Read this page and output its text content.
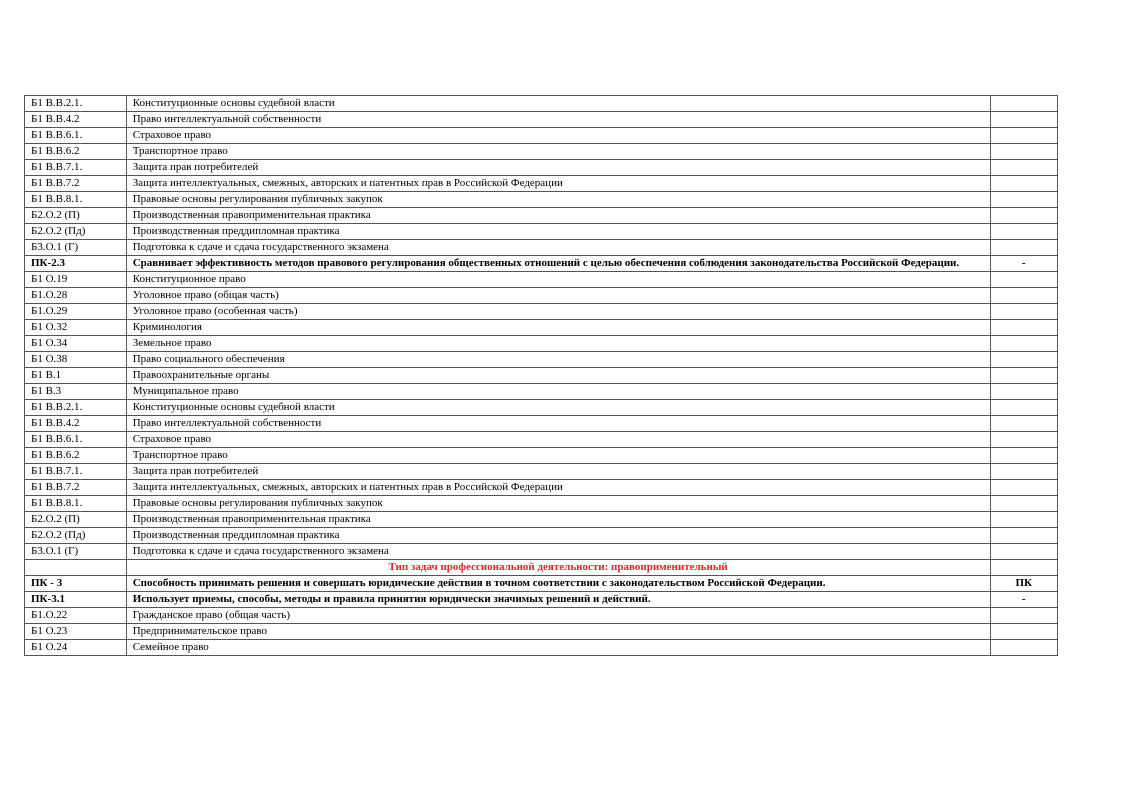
Б1 В.В.2.1.	Конституционные основы судебной власти	
Б1 В.В.4.2	Право интеллектуальной собственности	
Б1 В.В.6.1.	Страховое право	
Б1 В.В.6.2	Транспортное право	
Б1 В.В.7.1.	Защита прав потребителей	
Б1 В.В.7.2	Защита интеллектуальных, смежных, авторских и патентных прав в Российской Федерации	
Б1 В.В.8.1.	Правовые основы регулирования публичных закупок	
Б2.О.2 (П)	Производственная правоприменительная практика	
Б2.О.2 (Пд)	Производственная преддипломная практика	
Б3.О.1 (Г)	Подготовка к сдаче и сдача государственного экзамена	
ПК-2.3	Сравнивает эффективность методов правового регулирования общественных отношений с целью обеспечения соблюдения законодательства Российской Федерации.	-
Б1 О.19	Конституционное право	
Б1.О.28	Уголовное право (общая часть)	
Б1.О.29	Уголовное право (особенная часть)	
Б1 О.32	Криминология	
Б1 О.34	Земельное право	
Б1 О.38	Право социального обеспечения	
Б1 В.1	Правоохранительные органы	
Б1 В.3	Муниципальное право	
Б1 В.В.2.1.	Конституционные основы судебной власти	
Б1 В.В.4.2	Право интеллектуальной собственности	
Б1 В.В.6.1.	Страховое право	
Б1 В.В.6.2	Транспортное право	
Б1 В.В.7.1.	Защита прав потребителей	
Б1 В.В.7.2	Защита интеллектуальных, смежных, авторских и патентных прав в Российской Федерации	
Б1 В.В.8.1.	Правовые основы регулирования публичных закупок	
Б2.О.2 (П)	Производственная правоприменительная практика	
Б2.О.2 (Пд)	Производственная преддипломная практика	
Б3.О.1 (Г)	Подготовка к сдаче и сдача государственного экзамена	
	Тип задач профессиональной деятельности: правоприменительный	
ПК - 3	Способность принимать решения и совершать юридические действия в точном соответствии с законодательством Российской Федерации.	ПК
ПК-3.1	Использует приемы, способы, методы и правила принятия юридически значимых решений и действий.	-
Б1.О.22	Гражданское право (общая часть)	
Б1 О.23	Предпринимательское право	
Б1 О.24	Семейное право	
